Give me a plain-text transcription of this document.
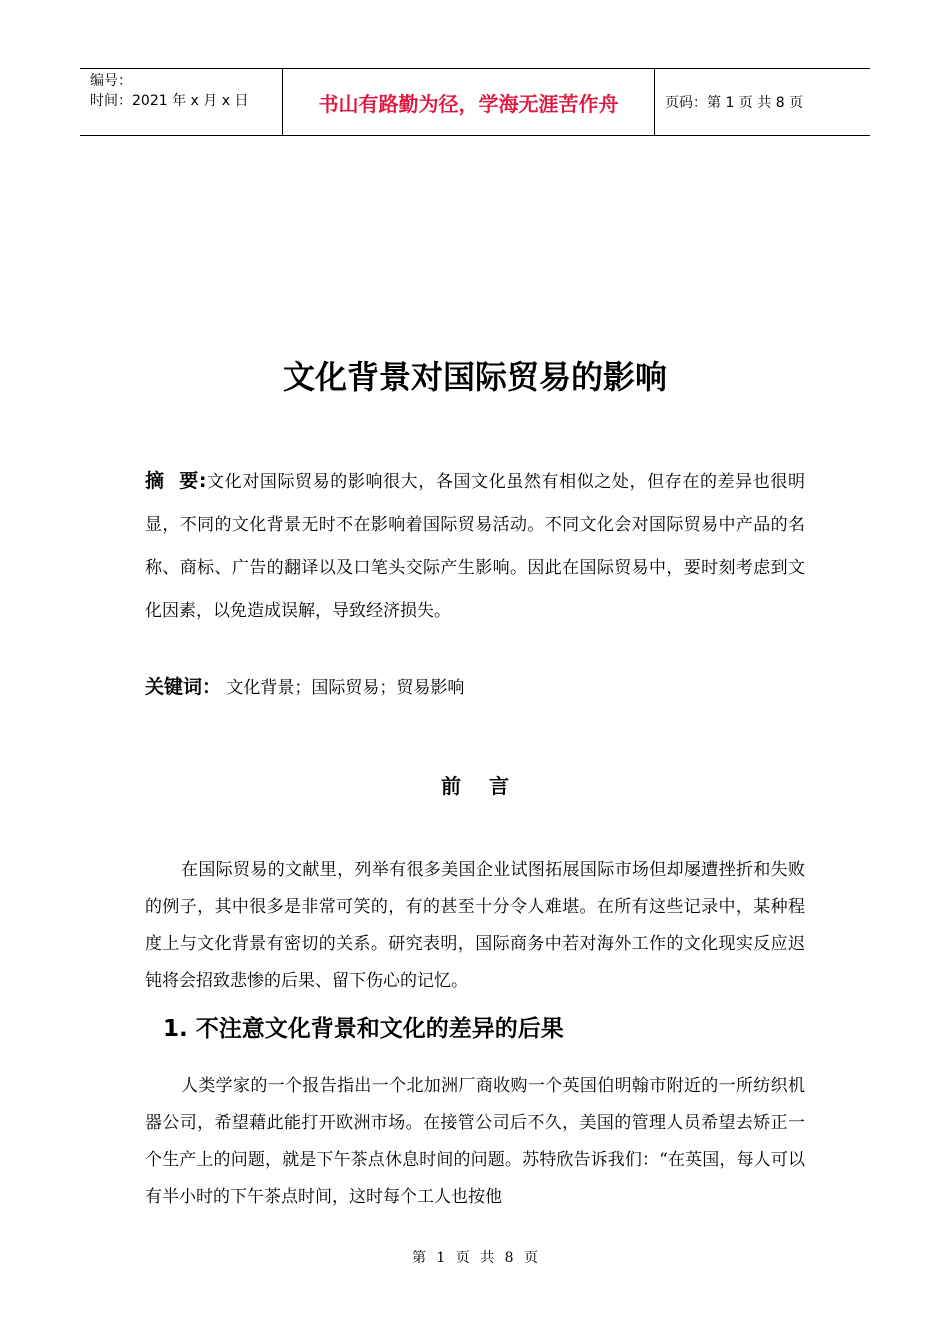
编号：
时间：2021 年 x 月 x 日	书山有路勤为径，学海无涯苦作舟	页码：第 1 页 共 8 页
文化背景对国际贸易的影响
摘 要:文化对国际贸易的影响很大，各国文化虽然有相似之处，但存在的差异也很明显，不同的文化背景无时不在影响着国际贸易活动。不同文化会对国际贸易中产品的名称、商标、广告的翻译以及口笔头交际产生影响。因此在国际贸易中，要时刻考虑到文化因素，以免造成误解，导致经济损失。
关键词： 文化背景；国际贸易；贸易影响
前言
在国际贸易的文献里，列举有很多美国企业试图拓展国际市场但却屡遭挫折和失败的例子，其中很多是非常可笑的，有的甚至十分令人难堪。在所有这些记录中，某种程度上与文化背景有密切的关系。研究表明，国际商务中若对海外工作的文化现实反应迟钝将会招致悲惨的后果、留下伤心的记忆。
1. 不注意文化背景和文化的差异的后果
人类学家的一个报告指出一个北加洲厂商收购一个英国伯明翰市附近的一所纺织机器公司，希望藉此能打开欧洲市场。在接管公司后不久，美国的管理人员希望去矫正一个生产上的问题，就是下午茶点休息时间的问题。苏特欣告诉我们：“在英国，每人可以有半小时的下午茶点时间，这时每个工人也按他
第 1 页 共 8 页
